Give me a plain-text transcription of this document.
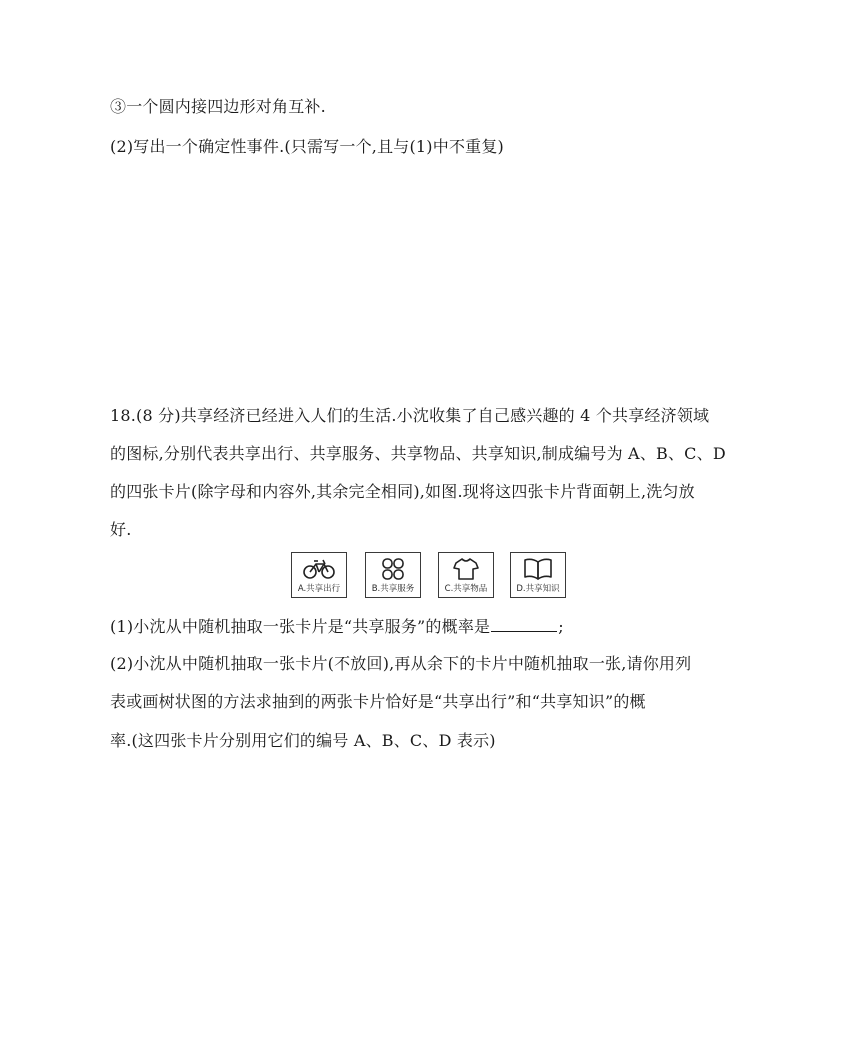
③一个圆内接四边形对角互补.
(2)写出一个确定性事件.(只需写一个,且与(1)中不重复)
18.(8 分)共享经济已经进入人们的生活.小沈收集了自己感兴趣的 4 个共享经济领域
的图标,分别代表共享出行、共享服务、共享物品、共享知识,制成编号为 A、B、C、D
的四张卡片(除字母和内容外,其余完全相同),如图.现将这四张卡片背面朝上,洗匀放
好.
A.共享出行	B.共享服务	C.共享物品	D.共享知识
(1)小沈从中随机抽取一张卡片是“共享服务”的概率是	;
(2)小沈从中随机抽取一张卡片(不放回),再从余下的卡片中随机抽取一张,请你用列
表或画树状图的方法求抽到的两张卡片恰好是“共享出行”和“共享知识”的概
率.(这四张卡片分别用它们的编号 A、B、C、D 表示)
